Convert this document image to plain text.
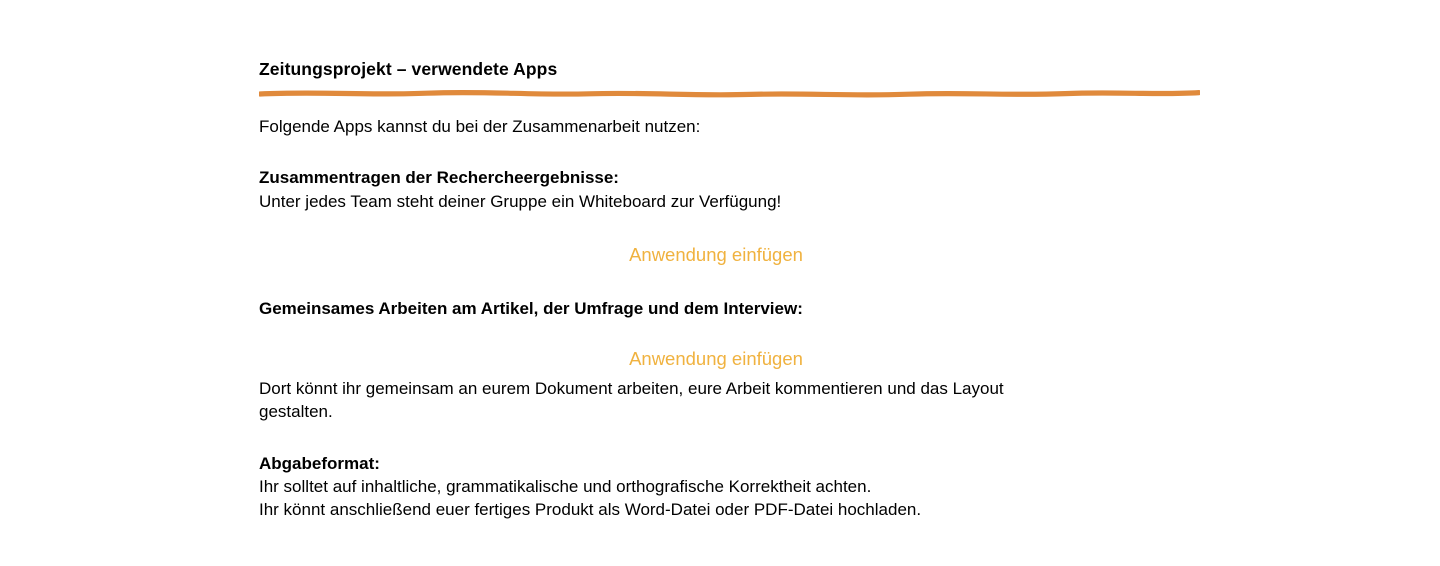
Zeitungsprojekt – verwendete Apps

Folgende Apps kannst du bei der Zusammenarbeit nutzen:

Zusammentragen der Rechercheergebnisse:

Unter jedes Team steht deiner Gruppe ein Whiteboard zur Verfügung!

Anwendung einfügen

Gemeinsames Arbeiten am Artikel, der Umfrage und dem Interview:

Anwendung einfügen

Dort könnt ihr gemeinsam an eurem Dokument arbeiten, eure Arbeit kommentieren und das Layout

gestalten.

Abgabeformat:

Ihr solltet auf inhaltliche, grammatikalische und orthografische Korrektheit achten.

Ihr könnt anschließend euer fertiges Produkt als Word-Datei oder PDF-Datei hochladen.
